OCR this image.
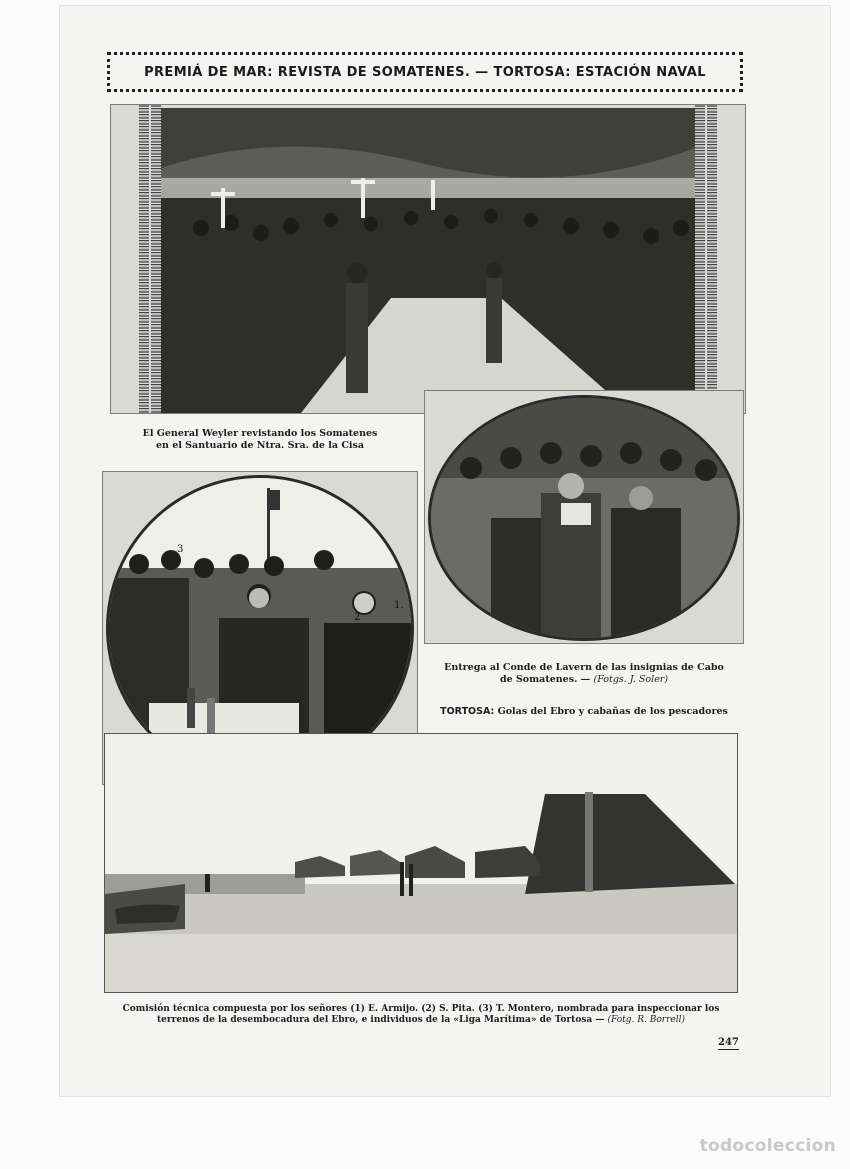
PREMIÁ DE MAR: REVISTA DE SOMATENES. — TORTOSA: ESTACIÓN NAVAL
El General Weyler revistando los Somatenes
en el Santuario de Ntra. Sra. de la Cisa
Entrega al Conde de Lavern de las insignias de Cabo
de Somatenes. — (Fotgs. J. Soler)
TORTOSA: Golas del Ebro y cabañas de los pescadores
3
2
1.
Comisión técnica compuesta por los señores (1) E. Armijo. (2) S. Pita. (3) T. Montero, nombrada para inspeccionar los
terrenos de la desembocadura del Ebro, e individuos de la «Liga Marítima» de Tortosa — (Fotg. R. Borrell)
247
todocoleccion
